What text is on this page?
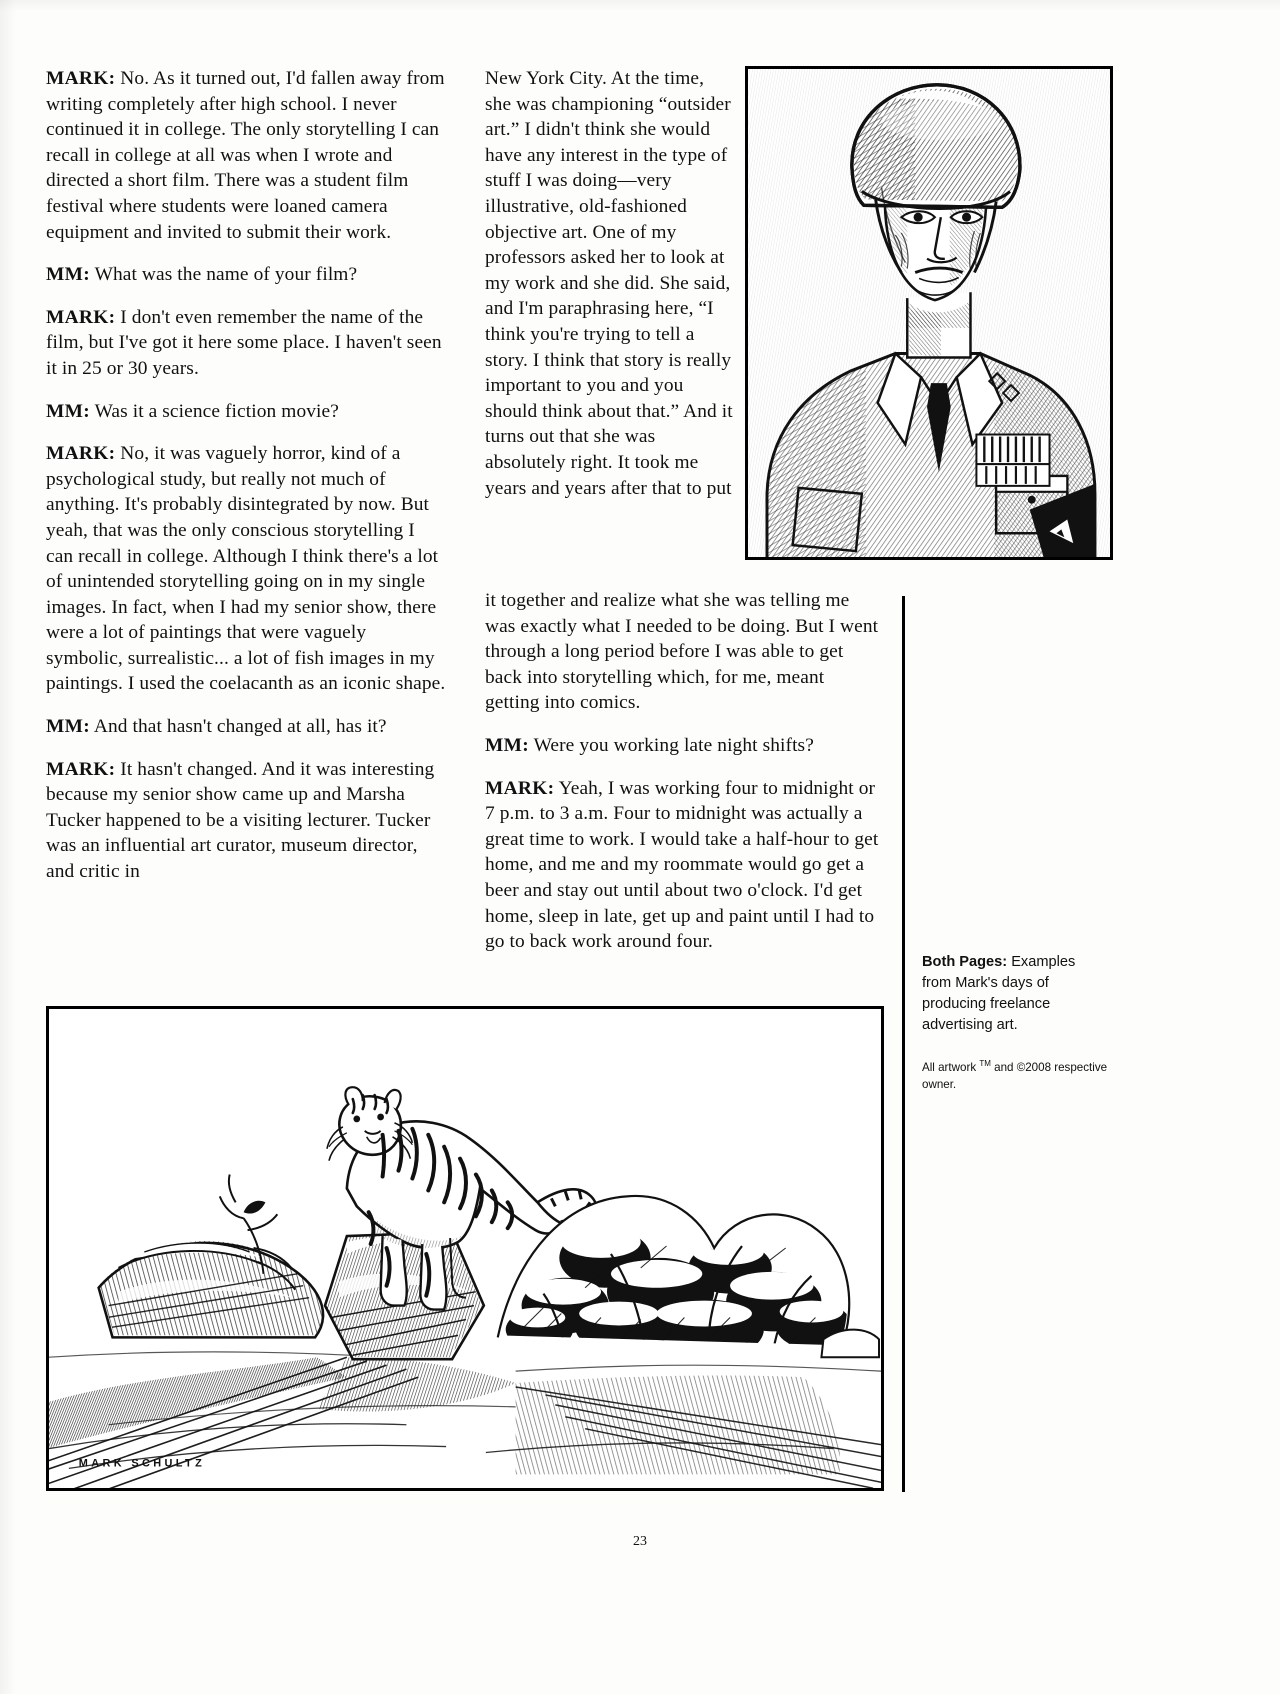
MARK: No. As it turned out, I'd fallen away from writing completely after high school. I never continued it in college. The only storytelling I can recall in college at all was when I wrote and directed a short film. There was a student film festival where students were loaned camera equipment and invited to submit their work.

MM: What was the name of your film?

MARK: I don't even remember the name of the film, but I've got it here some place. I haven't seen it in 25 or 30 years.

MM: Was it a science fiction movie?

MARK: No, it was vaguely horror, kind of a psychological study, but really not much of anything. It's probably disintegrated by now. But yeah, that was the only conscious storytelling I can recall in college. Although I think there's a lot of unintended storytelling going on in my single images. In fact, when I had my senior show, there were a lot of paintings that were vaguely symbolic, surrealistic... a lot of fish images in my paintings. I used the coelacanth as an iconic shape.

MM: And that hasn't changed at all, has it?

MARK: It hasn't changed. And it was interesting because my senior show came up and Marsha Tucker happened to be a visiting lecturer. Tucker was an influential art curator, museum director, and critic in

New York City. At the time, she was championing “outsider art.” I didn't think she would have any interest in the type of stuff I was doing—very illustrative, old-fashioned objective art. One of my professors asked her to look at my work and she did. She said, and I'm paraphrasing here, “I think you're trying to tell a story. I think that story is really important to you and you should think about that.” And it turns out that she was absolutely right. It took me years and years after that to put

it together and realize what she was telling me was exactly what I needed to be doing. But I went through a long period before I was able to get back into storytelling which, for me, meant getting into comics.

MM: Were you working late night shifts?

MARK: Yeah, I was working four to midnight or 7 p.m. to 3 a.m. Four to midnight was actually a great time to work. I would take a half-hour to get home, and me and my roommate would go get a beer and stay out until about two o'clock. I'd get home, sleep in late, get up and paint until I had to go to back work around four.

MARK SCHULTZ
Both Pages: Examples from Mark's days of producing freelance advertising art.
All artwork ™ and ©2008 respective owner.
23
